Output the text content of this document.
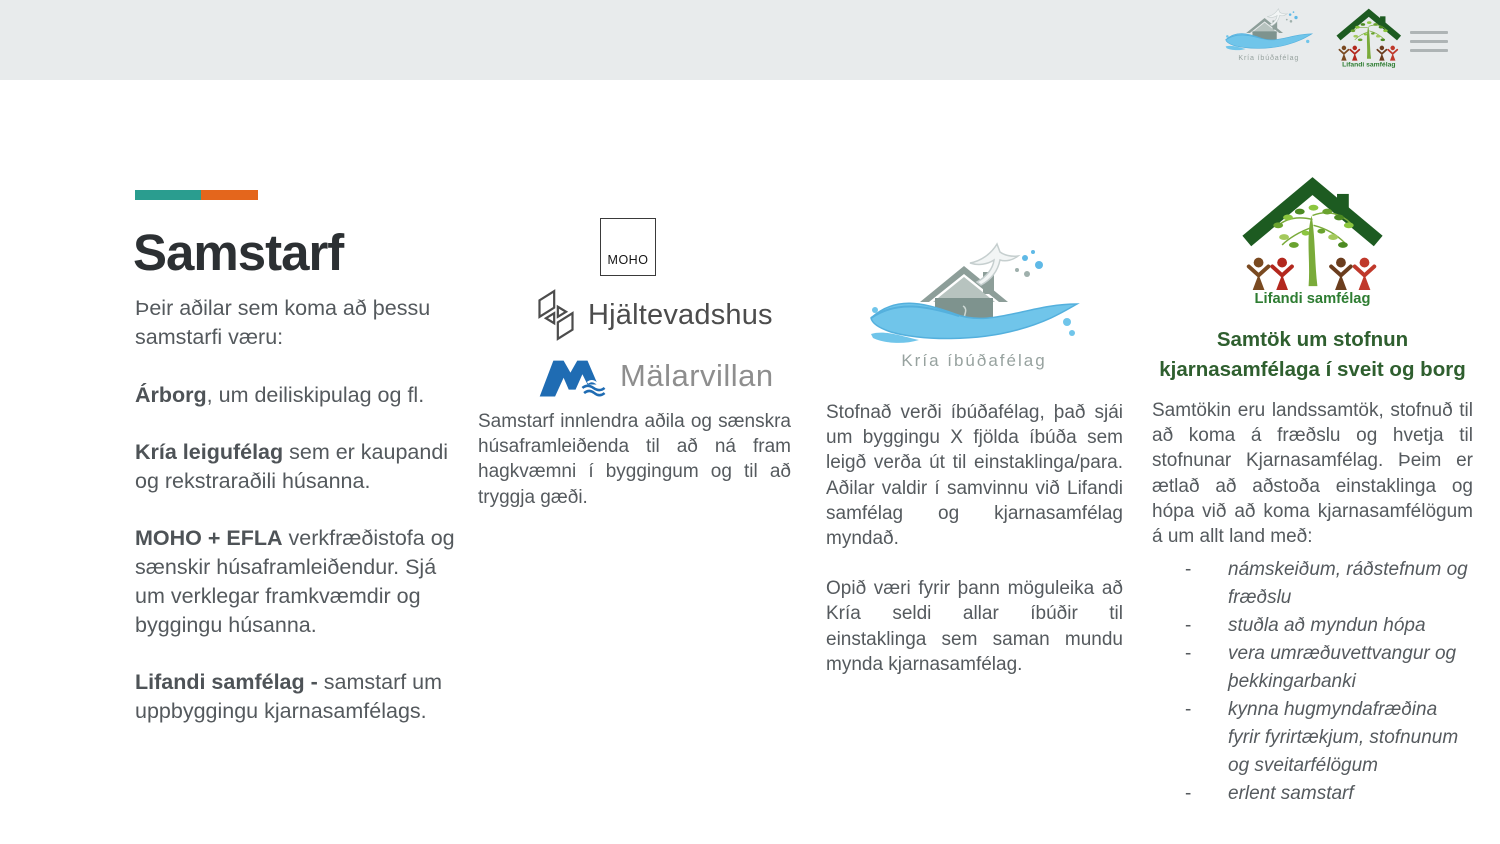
Kría íbúðafélag
Lifandi samfélag
Samstarf

Þeir aðilar sem koma að þessu samstarfi væru:

Árborg, um deiliskipulag og fl.

Kría leigufélag sem er kaupandi og rekstraraðili húsanna.

MOHO + EFLA verkfræðistofa og sænskir húsaframleiðendur. Sjá um verklegar framkvæmdir og byggingu húsanna.

Lifandi samfélag - samstarf um uppbyggingu kjarnasamfélags.

MOHO
Hjältevadshus
Mälarvillan

Samstarf innlendra aðila og sænskra húsaframleiðenda til að ná fram hagkvæmni í byggingum og til að tryggja gæði.

Kría íbúðafélag

Stofnað verði íbúðafélag, það sjái um byggingu X fjölda íbúða sem leigð verða út til einstaklinga/para. Aðilar valdir í samvinnu við Lifandi samfélag og kjarnasamfélag myndað.

Opið væri fyrir þann möguleika að Kría seldi allar íbúðir til einstaklinga sem saman mundu mynda kjarnasamfélag.

Lifandi samfélag
Samtök um stofnun
kjarnasamfélaga í sveit og borg

Samtökin eru landssamtök, stofnuð til að koma á fræðslu og hvetja til stofnunar Kjarnasamfélag. Þeim er ætlað að aðstoða einstaklinga og hópa við að koma kjarnasamfélögum á um allt land með:

- námskeiðum, ráðstefnum og fræðslu
- stuðla að myndun hópa
- vera umræðuvettvangur og þekkingarbanki
- kynna hugmyndafræðina fyrir fyrirtækjum, stofnunum og sveitarfélögum
- erlent samstarf
